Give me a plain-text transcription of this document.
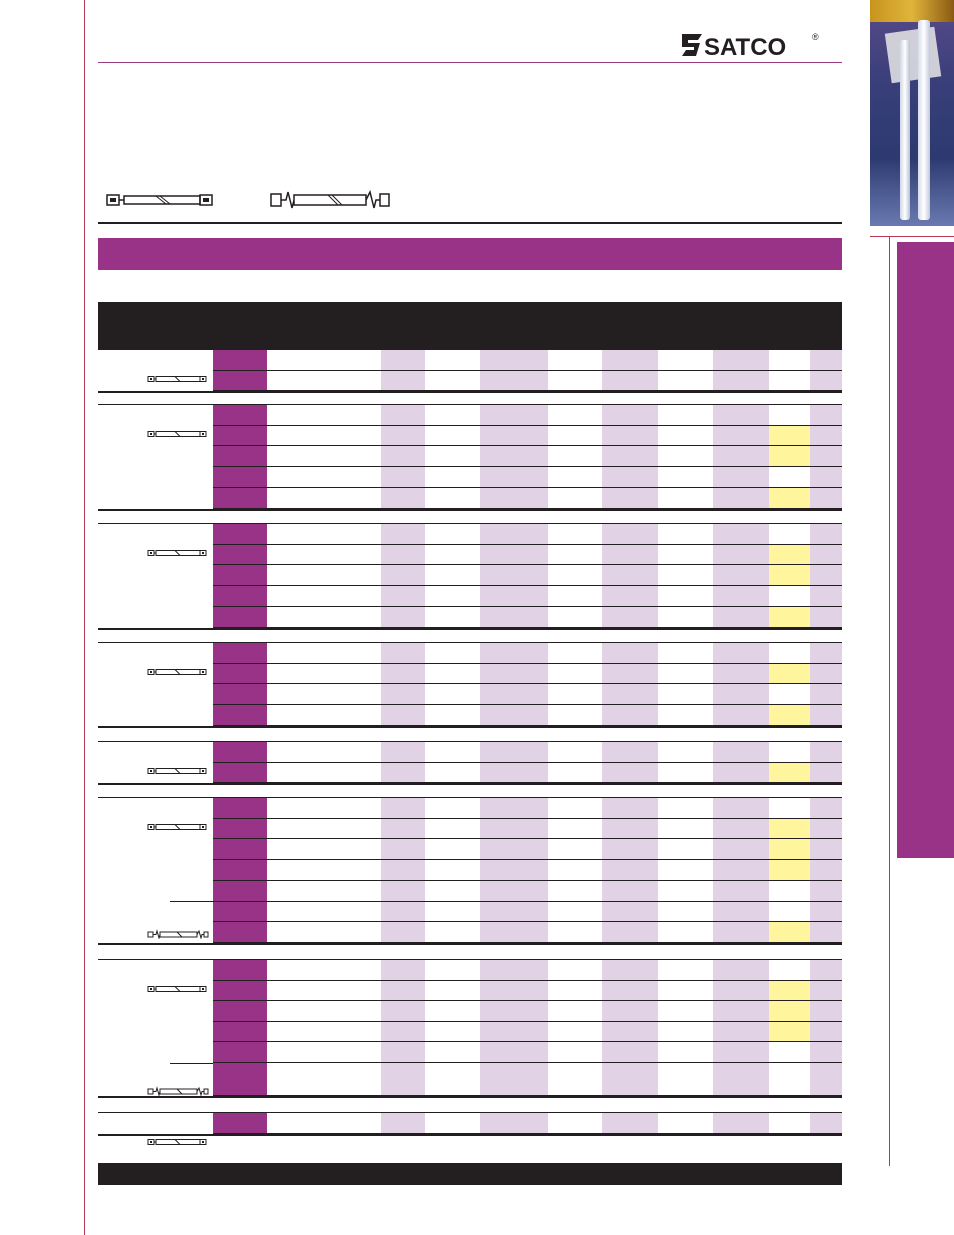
SATCO	®
